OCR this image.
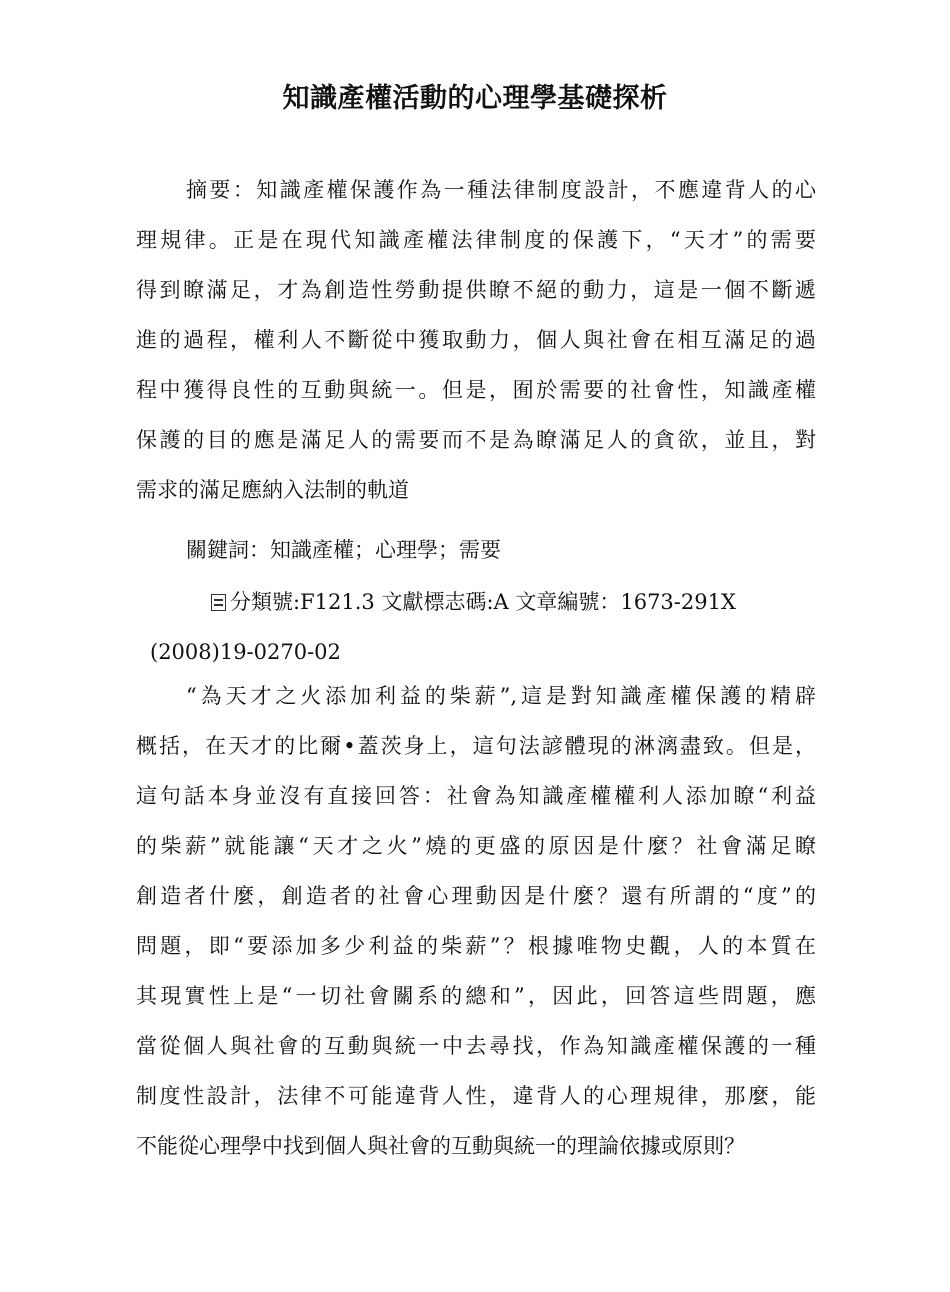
知識產權活動的心理學基礎探析
摘要：知識產權保護作為一種法律制度設計，不應違背人的心
理規律。正是在現代知識產權法律制度的保護下，“天才”的需要
得到瞭滿足，才為創造性勞動提供瞭不絕的動力，這是一個不斷遞
進的過程，權利人不斷從中獲取動力，個人與社會在相互滿足的過
程中獲得良性的互動與統一。但是，囿於需要的社會性，知識產權
保護的目的應是滿足人的需要而不是為瞭滿足人的貪欲，並且，對
需求的滿足應納入法制的軌道
關鍵詞：知識產權；心理學；需要
分類號:F121.3 文獻標志碼:A 文章編號：1673-291X
(2008)19-0270-02
“為天才之火添加利益的柴薪”,這是對知識產權保護的精辟
概括，在天才的比爾•蓋茨身上，這句法諺體現的淋漓盡致。但是，
這句話本身並沒有直接回答：社會為知識產權權利人添加瞭“利益
的柴薪”就能讓“天才之火”燒的更盛的原因是什麼？社會滿足瞭
創造者什麼，創造者的社會心理動因是什麼？還有所謂的“度”的
問題，即“要添加多少利益的柴薪”？根據唯物史觀，人的本質在
其現實性上是“一切社會關系的總和”，因此，回答這些問題，應
當從個人與社會的互動與統一中去尋找，作為知識產權保護的一種
制度性設計，法律不可能違背人性，違背人的心理規律，那麼，能
不能從心理學中找到個人與社會的互動與統一的理論依據或原則？
